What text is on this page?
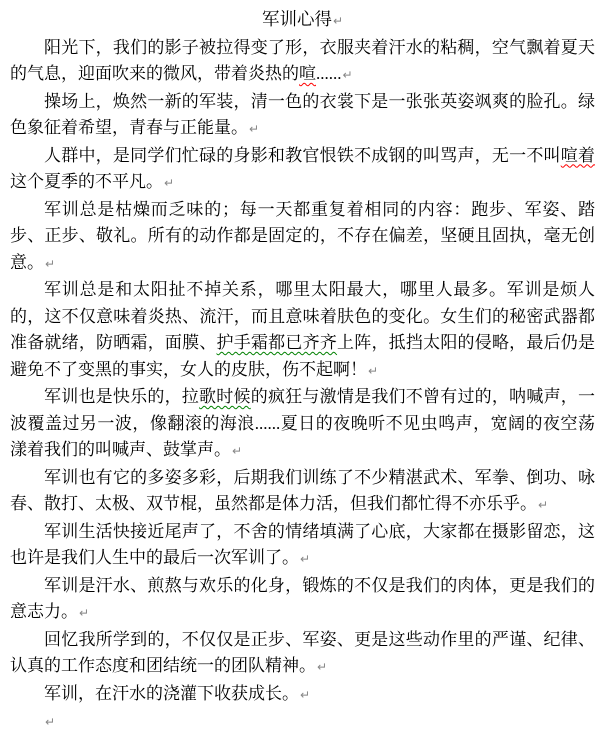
军训心得↵

阳光下，我们的影子被拉得变了形，衣服夹着汗水的粘稠，空气飘着夏天的气息，迎面吹来的微风，带着炎热的喧......↵

操场上，焕然一新的军装，清一色的衣裳下是一张张英姿飒爽的脸孔。绿色象征着希望，青春与正能量。↵

人群中，是同学们忙碌的身影和教官恨铁不成钢的叫骂声，无一不叫喧着这个夏季的不平凡。↵

军训总是枯燥而乏味的；每一天都重复着相同的内容：跑步、军姿、踏步、正步、敬礼。所有的动作都是固定的，不存在偏差，坚硬且固执，毫无创意。↵

军训总是和太阳扯不掉关系，哪里太阳最大，哪里人最多。军训是烦人的，这不仅意味着炎热、流汗，而且意味着肤色的变化。女生们的秘密武器都准备就绪，防晒霜，面膜、护手霜都已齐齐上阵，抵挡太阳的侵略，最后仍是避免不了变黑的事实，女人的皮肤，伤不起啊！↵

军训也是快乐的，拉歌时候的疯狂与激情是我们不曾有过的，呐喊声，一波覆盖过另一波，像翻滚的海浪......夏日的夜晚听不见虫鸣声，宽阔的夜空荡漾着我们的叫喊声、鼓掌声。↵

军训也有它的多姿多彩，后期我们训练了不少精湛武术、军拳、倒功、咏春、散打、太极、双节棍，虽然都是体力活，但我们都忙得不亦乐乎。↵

军训生活快接近尾声了，不舍的情绪填满了心底，大家都在摄影留恋，这也许是我们人生中的最后一次军训了。↵

军训是汗水、煎熬与欢乐的化身，锻炼的不仅是我们的肉体，更是我们的意志力。↵

回忆我所学到的，不仅仅是正步、军姿、更是这些动作里的严谨、纪律、认真的工作态度和团结统一的团队精神。↵

军训，在汗水的浇灌下收获成长。↵

↵
